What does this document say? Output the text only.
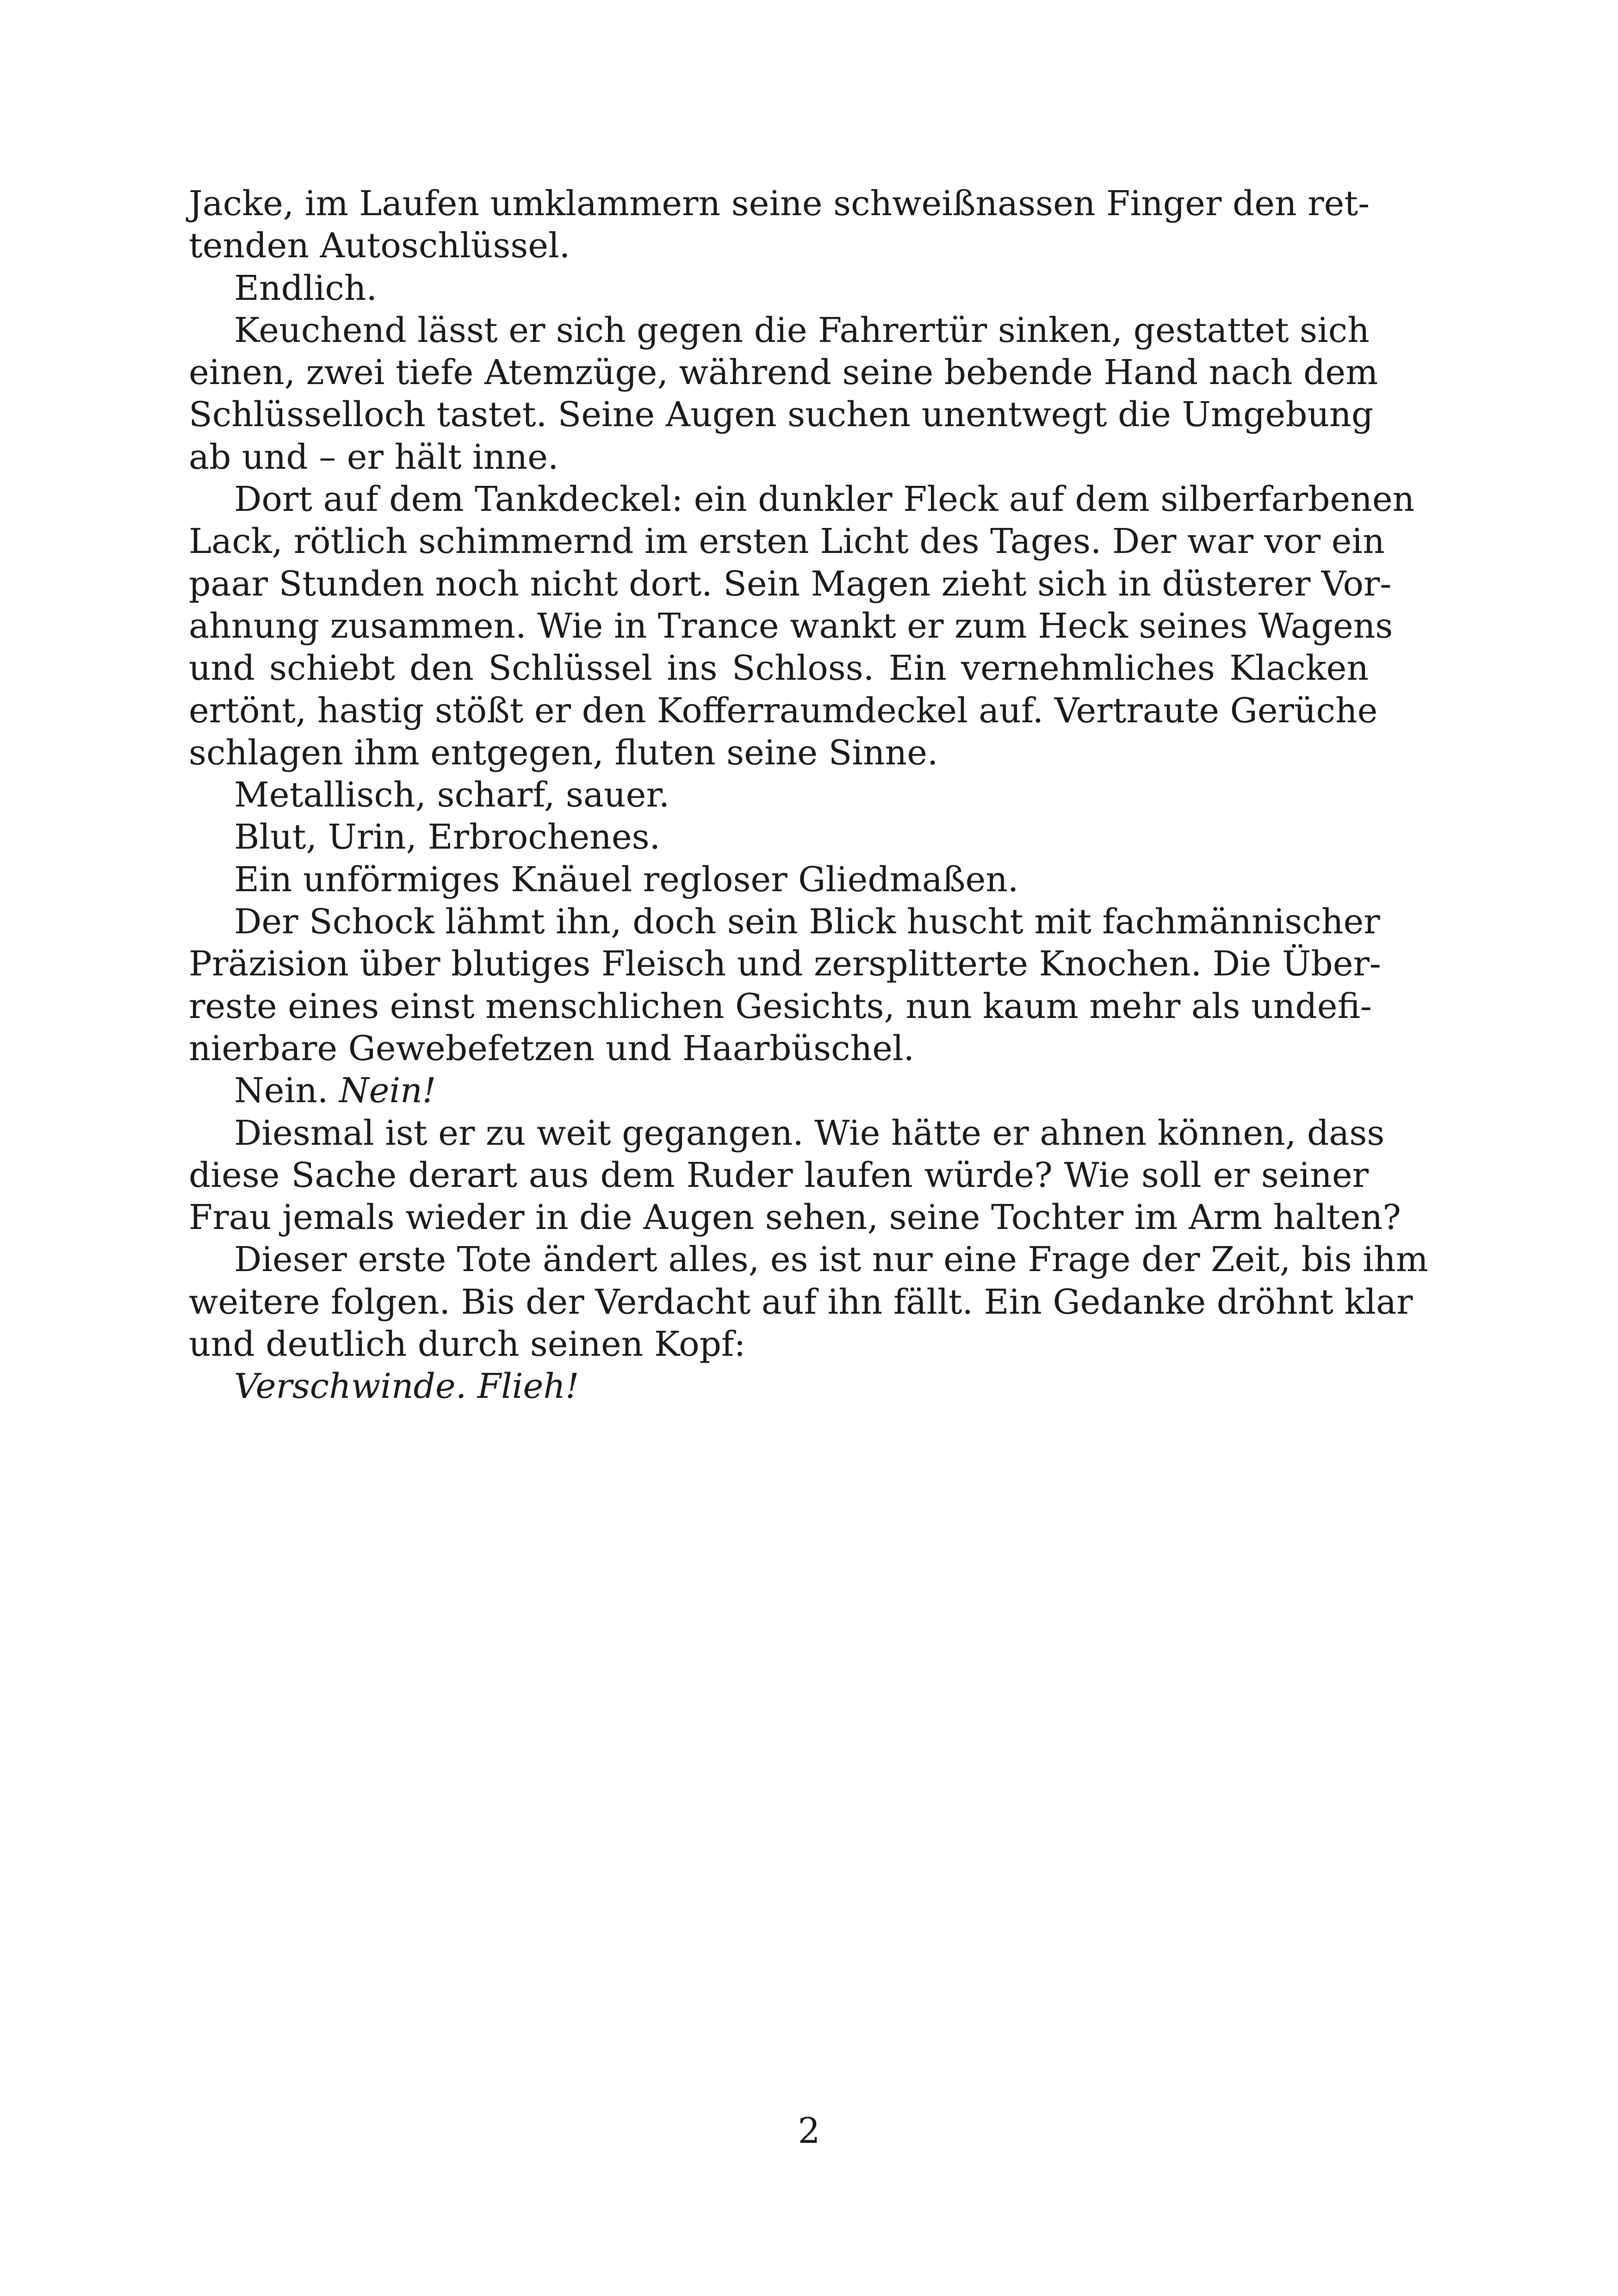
Jacke, im Laufen umklammern seine schweißnassen Finger den ret-
tenden Autoschlüssel.
Endlich.
Keuchend lässt er sich gegen die Fahrertür sinken, gestattet sich
einen, zwei tiefe Atemzüge, während seine bebende Hand nach dem
Schlüsselloch tastet. Seine Augen suchen unentwegt die Umgebung
ab und – er hält inne.
Dort auf dem Tankdeckel: ein dunkler Fleck auf dem silberfarbenen
Lack, rötlich schimmernd im ersten Licht des Tages. Der war vor ein
paar Stunden noch nicht dort. Sein Magen zieht sich in düsterer Vor-
ahnung zusammen. Wie in Trance wankt er zum Heck seines Wagens
und schiebt den Schlüssel ins Schloss. Ein vernehmliches Klacken
ertönt, hastig stößt er den Kofferraumdeckel auf. Vertraute Gerüche
schlagen ihm entgegen, fluten seine Sinne.
Metallisch, scharf, sauer.
Blut, Urin, Erbrochenes.
Ein unförmiges Knäuel regloser Gliedmaßen.
Der Schock lähmt ihn, doch sein Blick huscht mit fachmännischer
Präzision über blutiges Fleisch und zersplitterte Knochen. Die Über-
reste eines einst menschlichen Gesichts, nun kaum mehr als undefi-
nierbare Gewebefetzen und Haarbüschel.
Nein. Nein!
Diesmal ist er zu weit gegangen. Wie hätte er ahnen können, dass
diese Sache derart aus dem Ruder laufen würde? Wie soll er seiner
Frau jemals wieder in die Augen sehen, seine Tochter im Arm halten?
Dieser erste Tote ändert alles, es ist nur eine Frage der Zeit, bis ihm
weitere folgen. Bis der Verdacht auf ihn fällt. Ein Gedanke dröhnt klar
und deutlich durch seinen Kopf:
Verschwinde. Flieh!
2
